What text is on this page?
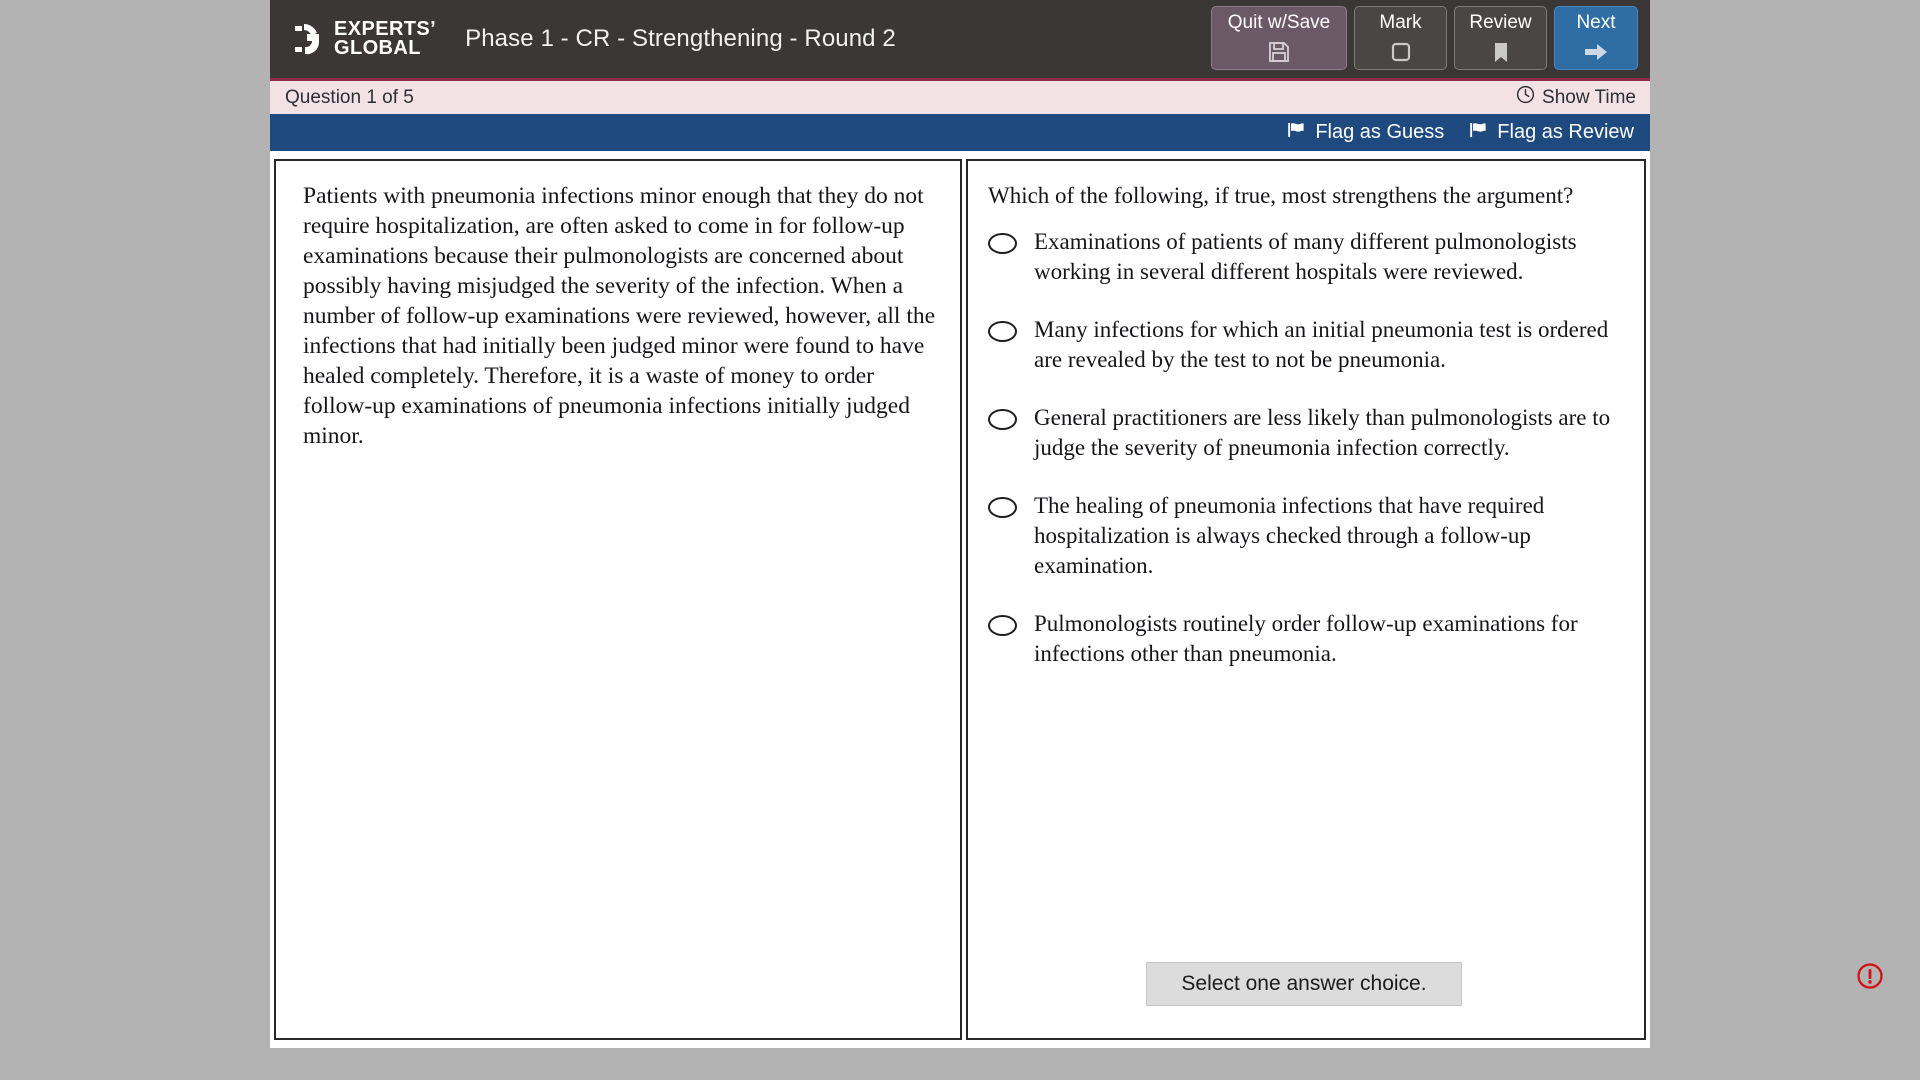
EXPERTS’
GLOBAL	Phase 1 - CR - Strengthening - Round 2
Quit w/Save	Mark	Review Next
Question 1 of 5	Show Time
Flag as Guess	Flag as Review
Patients with pneumonia infections minor enough that they do not require hospitalization, are often asked to come in for follow-up examinations because their pulmonologists are concerned about possibly having misjudged the severity of the infection. When a number of follow-up examinations were reviewed, however, all the infections that had initially been judged minor were found to have healed completely. Therefore, it is a waste of money to order follow-up examinations of pneumonia infections initially judged minor.
Which of the following, if true, most strengthens the argument?
Examinations of patients of many different pulmonologists working in several different hospitals were reviewed.
Many infections for which an initial pneumonia test is ordered are revealed by the test to not be pneumonia.
General practitioners are less likely than pulmonologists are to judge the severity of pneumonia infection correctly.
The healing of pneumonia infections that have required hospitalization is always checked through a follow-up examination.
Pulmonologists routinely order follow-up examinations for infections other than pneumonia.
Select one answer choice.
